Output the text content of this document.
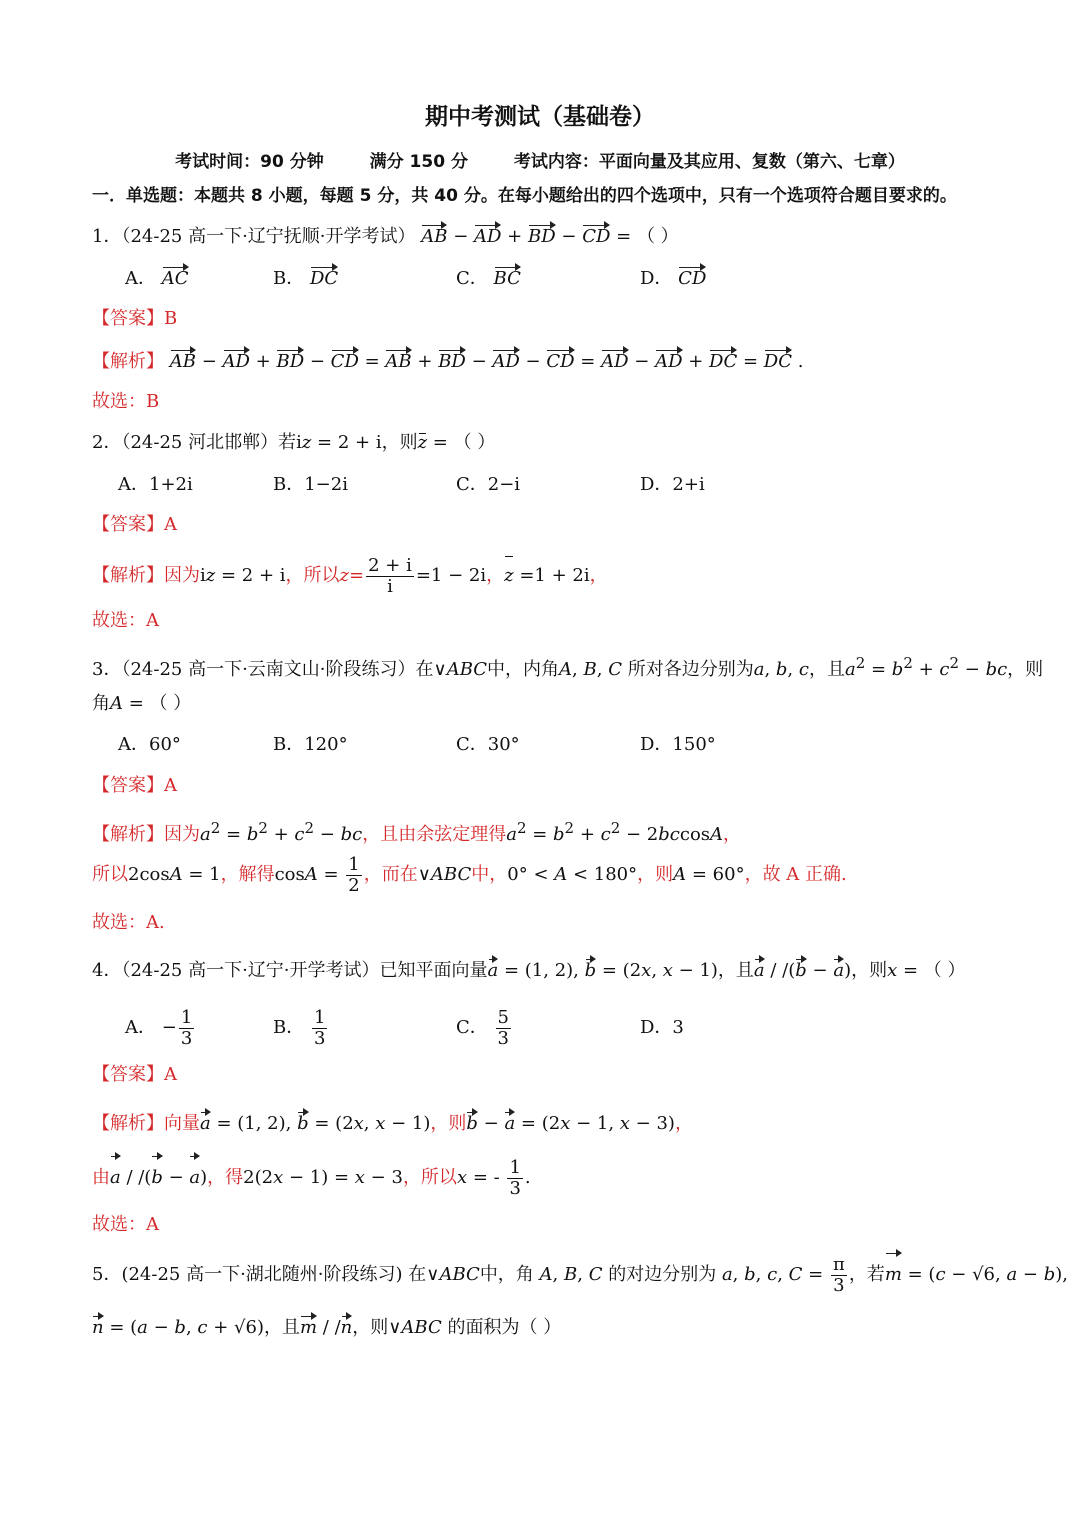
期中考测试（基础卷）
考试时间：90 分钟	满分 150 分	考试内容：平面向量及其应用、复数（第六、七章）
一．单选题：本题共 8 小题，每题 5 分，共 40 分。在每小题给出的四个选项中，只有一个选项符合题目要求的。
1．（24-25 高一下·辽宁抚顺·开学考试） AB − AD + BD − CD = （ ）
A． AC	B． DC	C． BC	D． CD
【答案】B
【解析】 AB − AD + BD − CD = AB + BD − AD − CD = AD − AD + DC = DC .
故选：B
2．（24-25 河北邯郸）若iz = 2 + i，则z = （ ）
A．1+2i	B．1−2i	C．2−i	D．2+i
【答案】A
【解析】因为iz = 2 + i，所以$z= \frac{2 + i}{i} =1 - 2i$，z =1 + 2i，
故选：A
3．（24-25 高一下·云南文山·阶段练习）在∨ABC中，内角A, B, C 所对各边分别为a, b, c，且$a^2 = b^2 + c^2$ − bc，则
角A = （ ）
A．60°	B．120°	C．30°	D．150°
【答案】A
【解析】因为$a^2 = b^2 + c^2$ − bc，且由余弦定理得$a^2 = b^2 + c^2 - 2bccosA$，
所以2cosA = 1，解得$\cos A = \frac{1}{2}$ ，而在∨ABC中，0° < A < 180°，则A = 60°，故 A 正确.
故选：A.
4．（24-25 高一下·辽宁·开学考试）已知平面向量a = (1, 2), b = (2x, x − 1)，且a / /(b − a)，则x = （ ）
A． − $\frac{1}{3}$	B． $\frac{1}{3}$	C． $\frac{5}{3}$	D．3
【答案】A
【解析】向量a = (1, 2), b = (2x, x − 1)，则b − a = (2x − 1, x − 3)，
由a / /(b − a)，得2(2x − 1) = x − 3，所以x = - $\frac{1}{3}$ .
故选：A
5．(24-25 高一下·湖北随州·阶段练习) 在∨ABC中，角 A, B, C 的对边分别为 a, b, c, $C = \frac{\pi}{3}$ ，若m = (c − √6, a − b),
n = (a − b, c + √6)，且m / /n，则∨ABC 的面积为（ ）
